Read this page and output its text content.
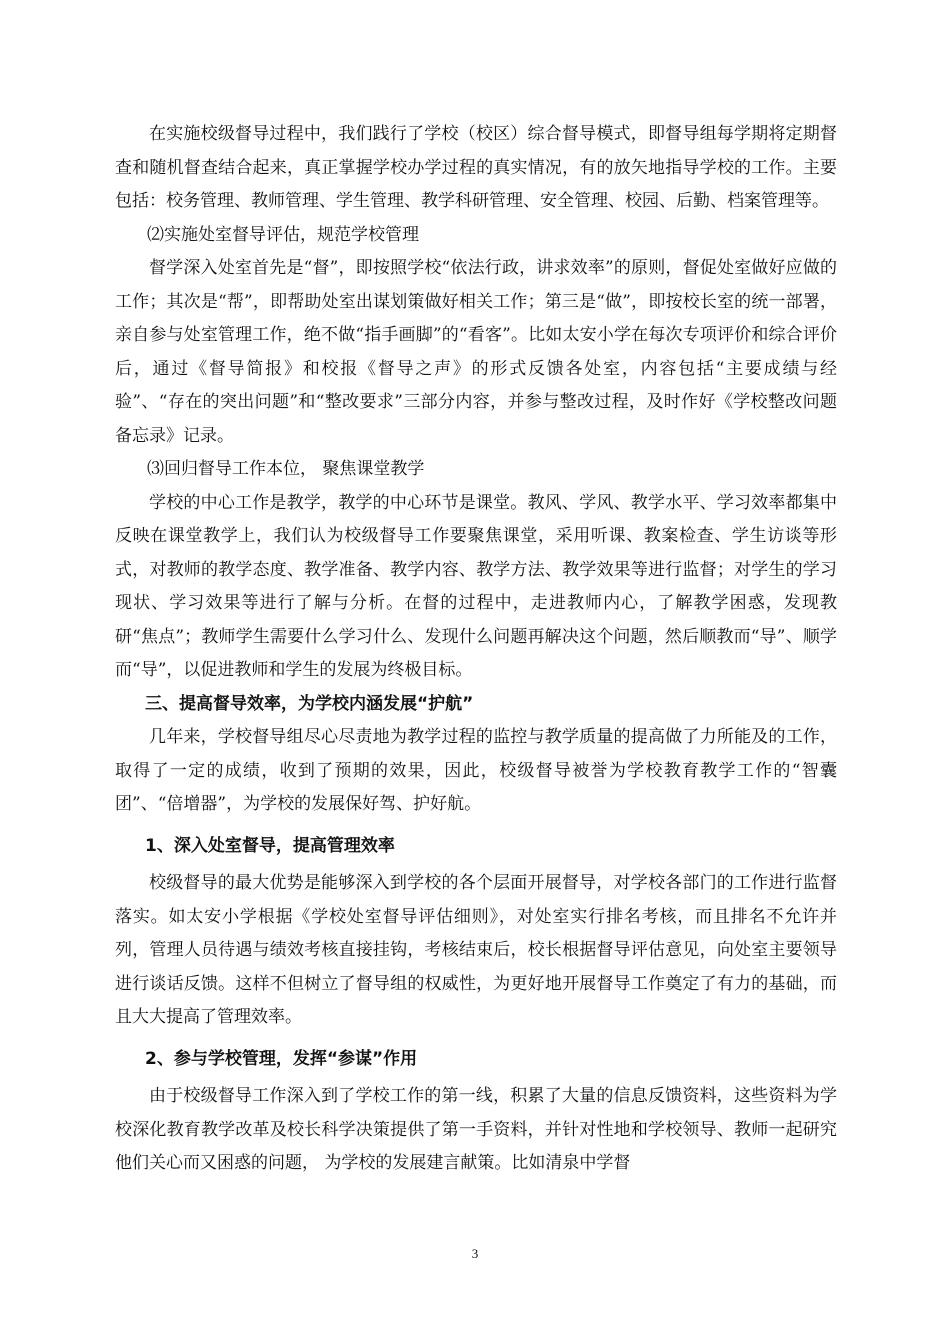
在实施校级督导过程中，我们践行了学校（校区）综合督导模式，即督导组每学期将定期督查和随机督查结合起来，真正掌握学校办学过程的真实情况，有的放矢地指导学校的工作。主要包括：校务管理、教师管理、学生管理、教学科研管理、安全管理、校园、后勤、档案管理等。

⑵实施处室督导评估，规范学校管理

督学深入处室首先是“督”，即按照学校“依法行政，讲求效率”的原则，督促处室做好应做的工作；其次是“帮”，即帮助处室出谋划策做好相关工作；第三是“做”，即按校长室的统一部署，亲自参与处室管理工作，绝不做“指手画脚”的“看客”。比如太安小学在每次专项评价和综合评价后，通过《督导简报》和校报《督导之声》的形式反馈各处室，内容包括“主要成绩与经验”、“存在的突出问题”和“整改要求”三部分内容，并参与整改过程，及时作好《学校整改问题备忘录》记录。

⑶回归督导工作本位， 聚焦课堂教学

学校的中心工作是教学，教学的中心环节是课堂。教风、学风、教学水平、学习效率都集中反映在课堂教学上，我们认为校级督导工作要聚焦课堂，采用听课、教案检查、学生访谈等形式，对教师的教学态度、教学准备、教学内容、教学方法、教学效果等进行监督；对学生的学习现状、学习效果等进行了解与分析。在督的过程中，走进教师内心，了解教学困惑，发现教研“焦点”；教师学生需要什么学习什么、发现什么问题再解决这个问题，然后顺教而“导”、顺学而“导”，以促进教师和学生的发展为终极目标。

三、提高督导效率，为学校内涵发展“护航”

几年来，学校督导组尽心尽责地为教学过程的监控与教学质量的提高做了力所能及的工作，取得了一定的成绩，收到了预期的效果，因此，校级督导被誉为学校教育教学工作的“智囊团”、“倍增器”，为学校的发展保好驾、护好航。

1、深入处室督导，提高管理效率

校级督导的最大优势是能够深入到学校的各个层面开展督导，对学校各部门的工作进行监督落实。如太安小学根据《学校处室督导评估细则》，对处室实行排名考核，而且排名不允许并列，管理人员待遇与绩效考核直接挂钩，考核结束后，校长根据督导评估意见，向处室主要领导进行谈话反馈。这样不但树立了督导组的权威性，为更好地开展督导工作奠定了有力的基础，而且大大提高了管理效率。

2、参与学校管理，发挥“参谋”作用

由于校级督导工作深入到了学校工作的第一线，积累了大量的信息反馈资料，这些资料为学校深化教育教学改革及校长科学决策提供了第一手资料，并针对性地和学校领导、教师一起研究他们关心而又困惑的问题， 为学校的发展建言献策。比如清泉中学督

3
